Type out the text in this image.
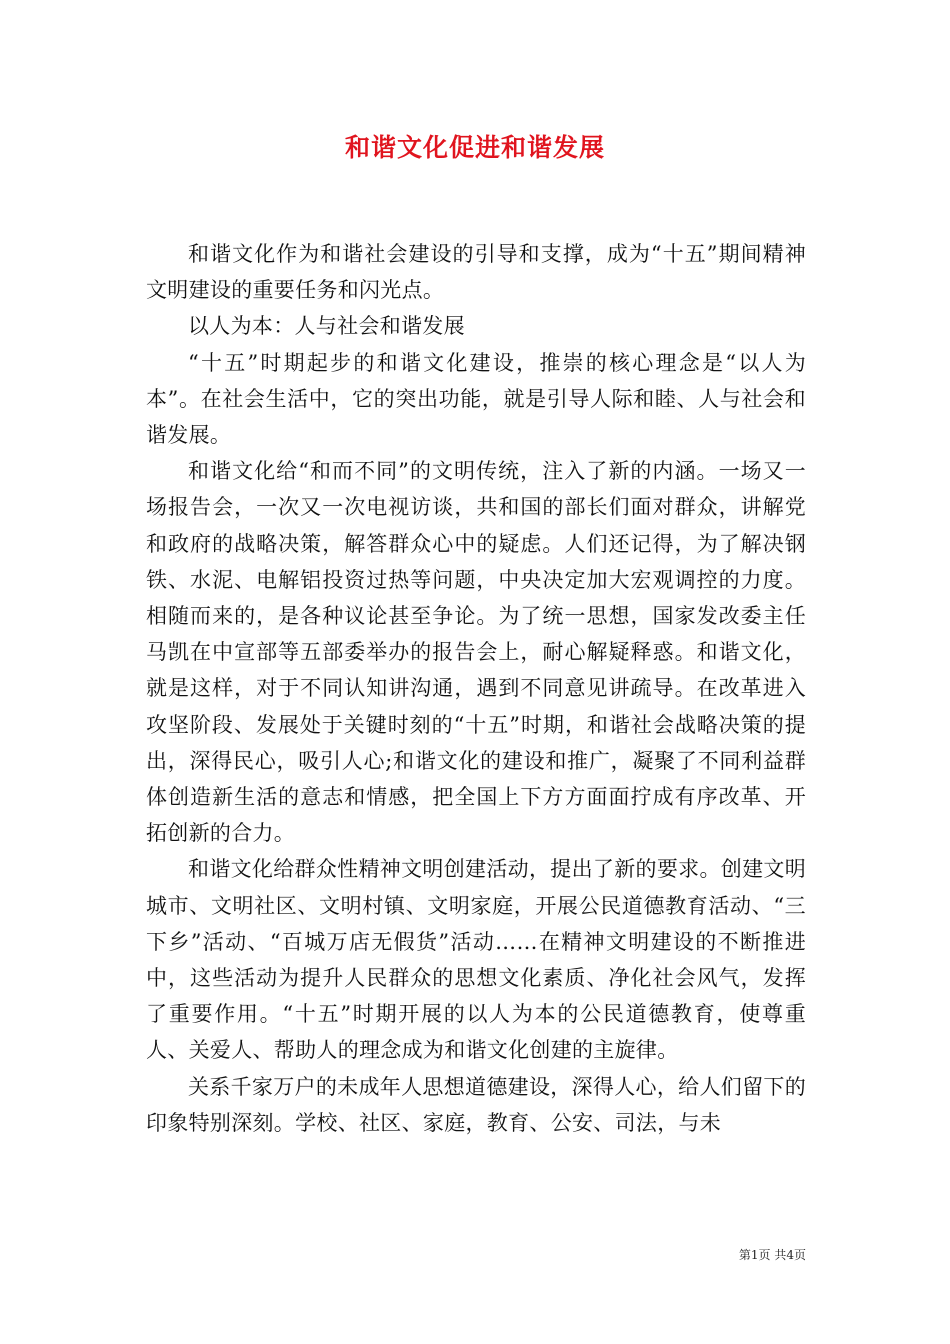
和谐文化促进和谐发展

和谐文化作为和谐社会建设的引导和支撑，成为“十五”期间精神文明建设的重要任务和闪光点。

以人为本：人与社会和谐发展

“十五”时期起步的和谐文化建设，推崇的核心理念是“以人为本”。在社会生活中，它的突出功能，就是引导人际和睦、人与社会和谐发展。

和谐文化给“和而不同”的文明传统，注入了新的内涵。一场又一场报告会，一次又一次电视访谈，共和国的部长们面对群众，讲解党和政府的战略决策，解答群众心中的疑虑。人们还记得，为了解决钢铁、水泥、电解铝投资过热等问题，中央决定加大宏观调控的力度。相随而来的，是各种议论甚至争论。为了统一思想，国家发改委主任马凯在中宣部等五部委举办的报告会上，耐心解疑释惑。和谐文化，就是这样，对于不同认知讲沟通，遇到不同意见讲疏导。在改革进入攻坚阶段、发展处于关键时刻的“十五”时期，和谐社会战略决策的提出，深得民心，吸引人心;和谐文化的建设和推广，凝聚了不同利益群体创造新生活的意志和情感，把全国上下方方面面拧成有序改革、开拓创新的合力。

和谐文化给群众性精神文明创建活动，提出了新的要求。创建文明城市、文明社区、文明村镇、文明家庭，开展公民道德教育活动、“三下乡”活动、“百城万店无假货”活动……在精神文明建设的不断推进中，这些活动为提升人民群众的思想文化素质、净化社会风气，发挥了重要作用。“十五”时期开展的以人为本的公民道德教育，使尊重人、关爱人、帮助人的理念成为和谐文化创建的主旋律。

关系千家万户的未成年人思想道德建设，深得人心，给人们留下的印象特别深刻。学校、社区、家庭，教育、公安、司法，与未

第1页 共4页
